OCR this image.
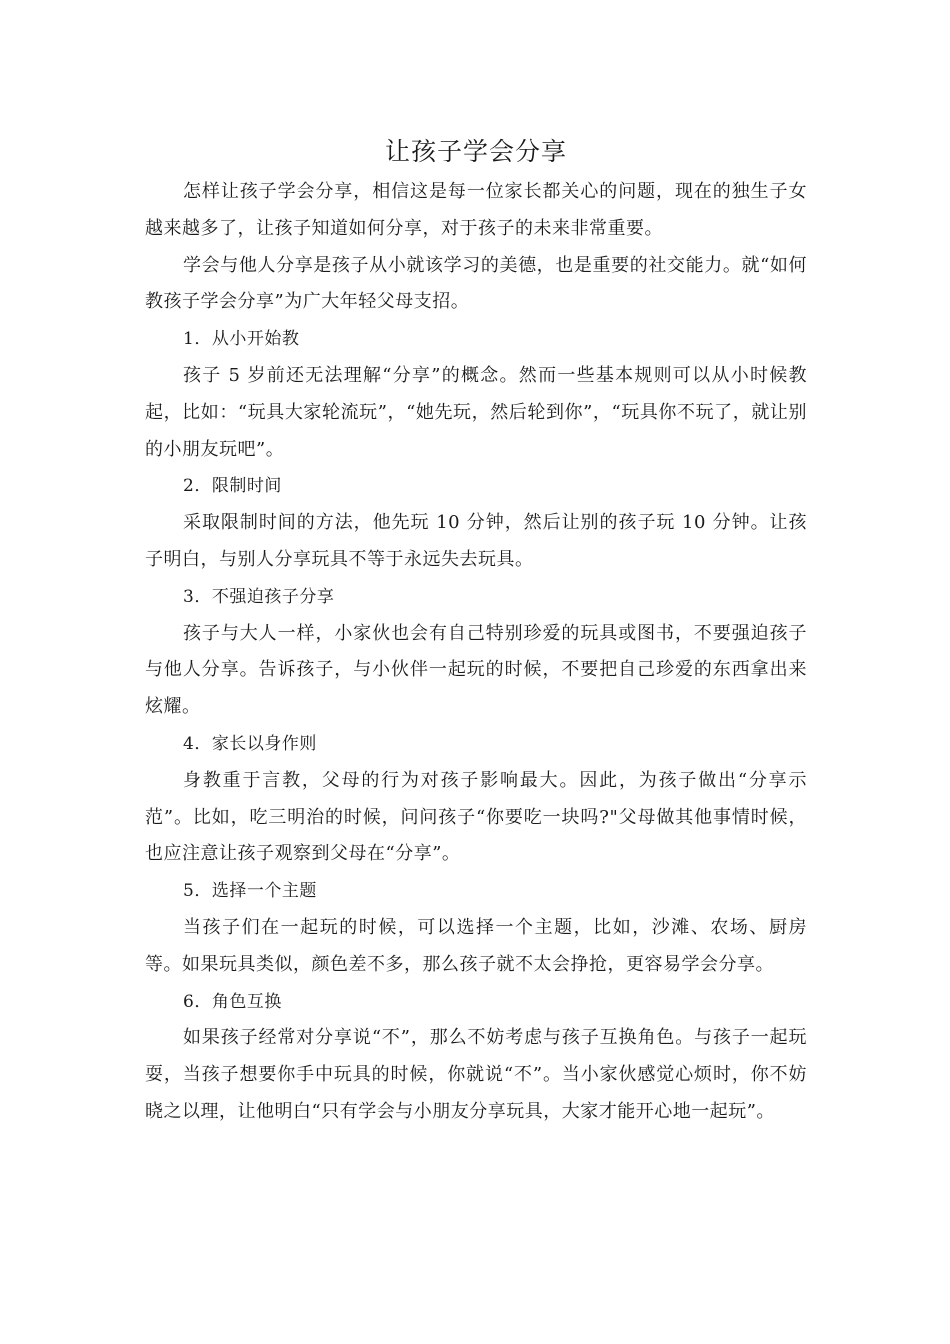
让孩子学会分享

怎样让孩子学会分享，相信这是每一位家长都关心的问题，现在的独生子女越来越多了，让孩子知道如何分享，对于孩子的未来非常重要。

学会与他人分享是孩子从小就该学习的美德，也是重要的社交能力。就“如何教孩子学会分享”为广大年轻父母支招。

1．从小开始教

孩子 5 岁前还无法理解“分享”的概念。然而一些基本规则可以从小时候教起，比如：“玩具大家轮流玩”，“她先玩，然后轮到你”，“玩具你不玩了，就让别的小朋友玩吧”。

2．限制时间

采取限制时间的方法，他先玩 10 分钟，然后让别的孩子玩 10 分钟。让孩子明白，与别人分享玩具不等于永远失去玩具。

3．不强迫孩子分享

孩子与大人一样，小家伙也会有自己特别珍爱的玩具或图书，不要强迫孩子与他人分享。告诉孩子，与小伙伴一起玩的时候，不要把自己珍爱的东西拿出来炫耀。

4．家长以身作则

身教重于言教，父母的行为对孩子影响最大。因此，为孩子做出“分享示范”。比如，吃三明治的时候，问问孩子“你要吃一块吗?"父母做其他事情时候，也应注意让孩子观察到父母在“分享”。

5．选择一个主题

当孩子们在一起玩的时候，可以选择一个主题，比如，沙滩、农场、厨房等。如果玩具类似，颜色差不多，那么孩子就不太会挣抢，更容易学会分享。

6．角色互换

如果孩子经常对分享说“不”，那么不妨考虑与孩子互换角色。与孩子一起玩耍，当孩子想要你手中玩具的时候，你就说“不”。当小家伙感觉心烦时，你不妨晓之以理，让他明白“只有学会与小朋友分享玩具，大家才能开心地一起玩”。
